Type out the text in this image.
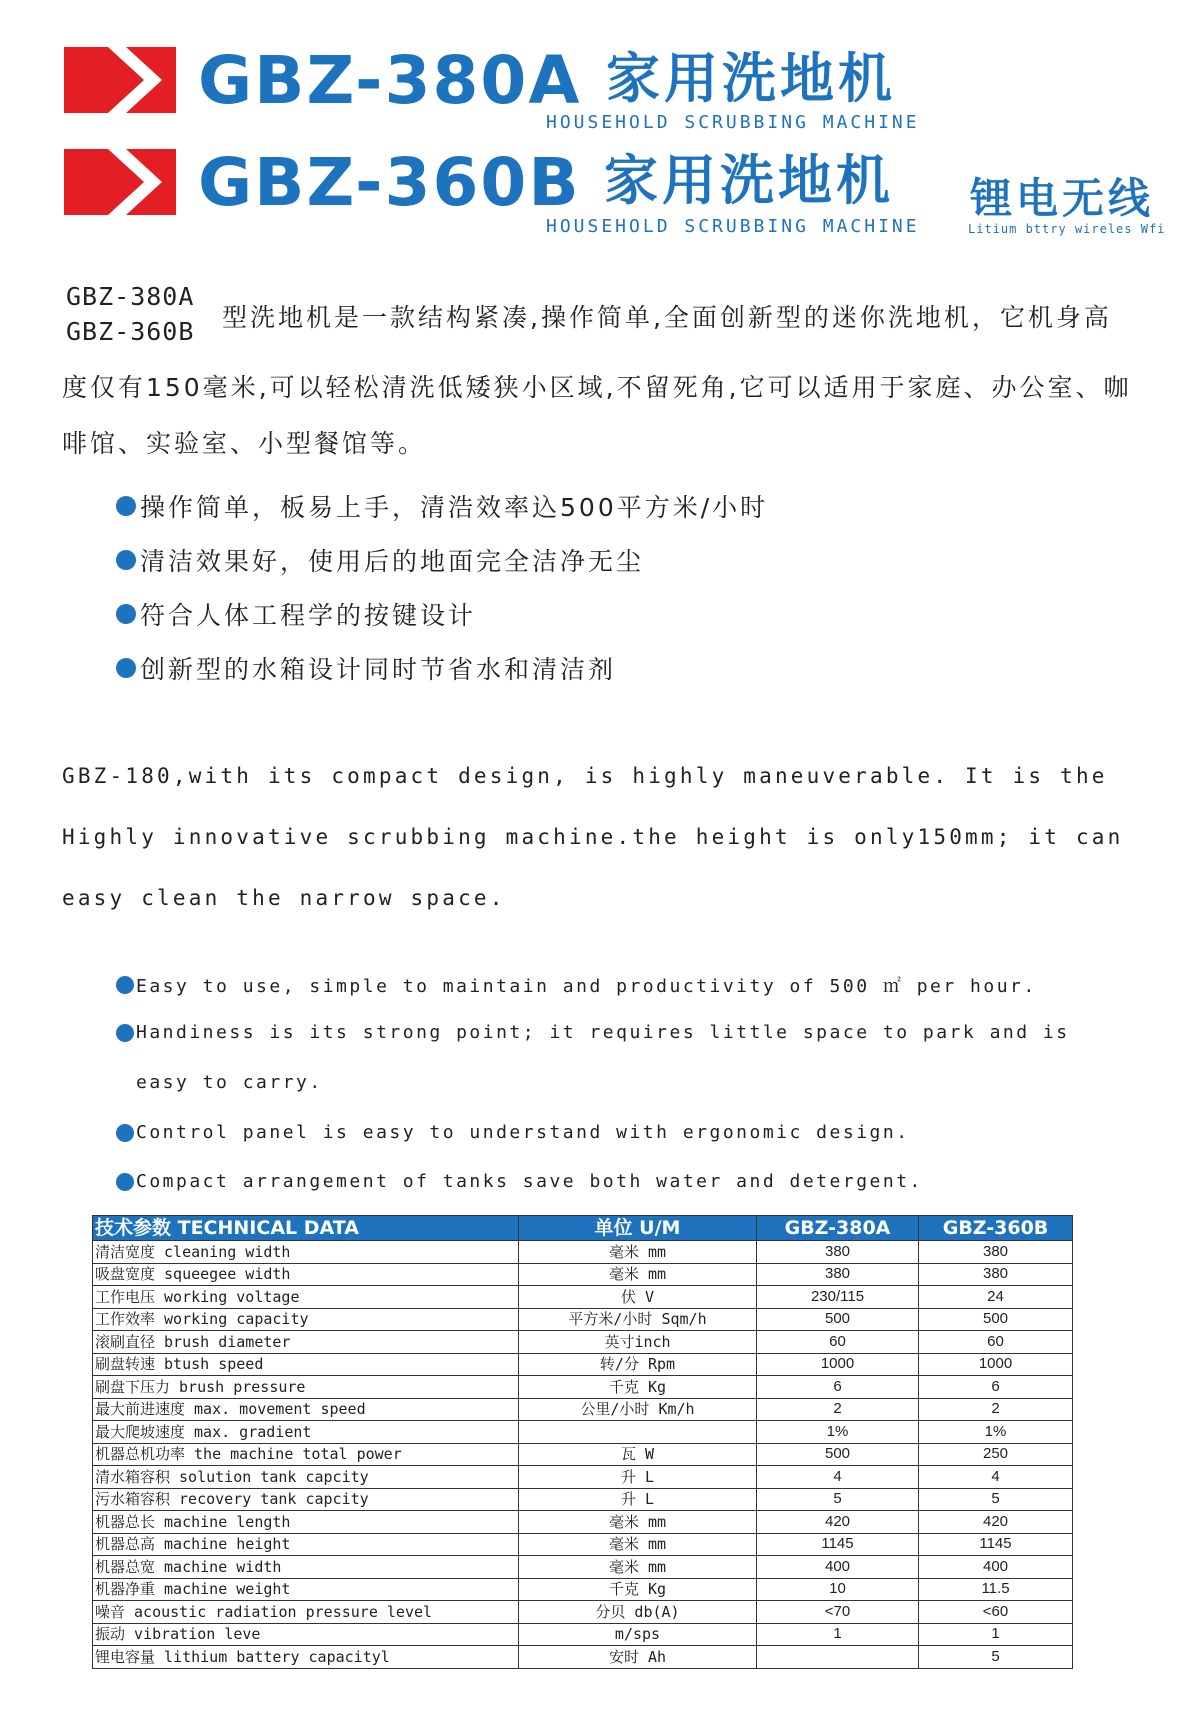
GBZ-380A 家用洗地机
HOUSEHOLD SCRUBBING MACHINE
GBZ-360B 家用洗地机
HOUSEHOLD SCRUBBING MACHINE
锂电无线
Litium bttry wireles Wfi
GBZ-380A
GBZ-360B 型洗地机是一款结构紧凑,操作简单,全面创新型的迷你洗地机，它机身高
度仅有150毫米,可以轻松清洗低矮狭小区域,不留死角,它可以适用于家庭、办公室、咖
啡馆、实验室、小型餐馆等。
操作简单，板易上手，清浩效率込500平方米/小时
清洁效果好，使用后的地面完全洁净无尘
符合人体工程学的按键设计
创新型的水箱设计同时节省水和清洁剂
GBZ-180,with its compact design, is highly maneuverable. It is the
Highly innovative scrubbing machine.the height is only150mm; it can
easy clean the narrow space.
Easy to use, simple to maintain and productivity of 500 ㎡ per hour.
Handiness is its strong point; it requires little space to park and is
easy to carry.
Control panel is easy to understand with ergonomic design.
Compact arrangement of tanks save both water and detergent.
技术参数 TECHNICAL DATA	单位 U/M	GBZ-380A	GBZ-360B
清洁宽度 cleaning width	毫米 mm	380	380
吸盘宽度 squeegee width	毫米 mm	380	380
工作电压 working voltage	伏 V	230/115	24
工作效率 working capacity	平方米/小时 Sqm/h	500	500
滚刷直径 brush diameter	英寸inch	60	60
刷盘转速 btush speed	转/分 Rpm	1000	1000
刷盘下压力 brush pressure	千克 Kg	6	6
最大前进速度 max. movement speed	公里/小时 Km/h	2	2
最大爬坡速度 max. gradient		1%	1%
机器总机功率 the machine total power	瓦 W	500	250
清水箱容积 solution tank capcity	升 L	4	4
污水箱容积 recovery tank capcity	升 L	5	5
机器总长 machine length	毫米 mm	420	420
机器总高 machine height	毫米 mm	1145	1145
机器总宽 machine width	毫米 mm	400	400
机器净重 machine weight	千克 Kg	10	11.5
噪音 acoustic radiation pressure level	分贝 db(A)	<70	<60
振动 vibration leve	m/sps	1	1
锂电容量 lithium battery capacityl	安时 Ah		5
